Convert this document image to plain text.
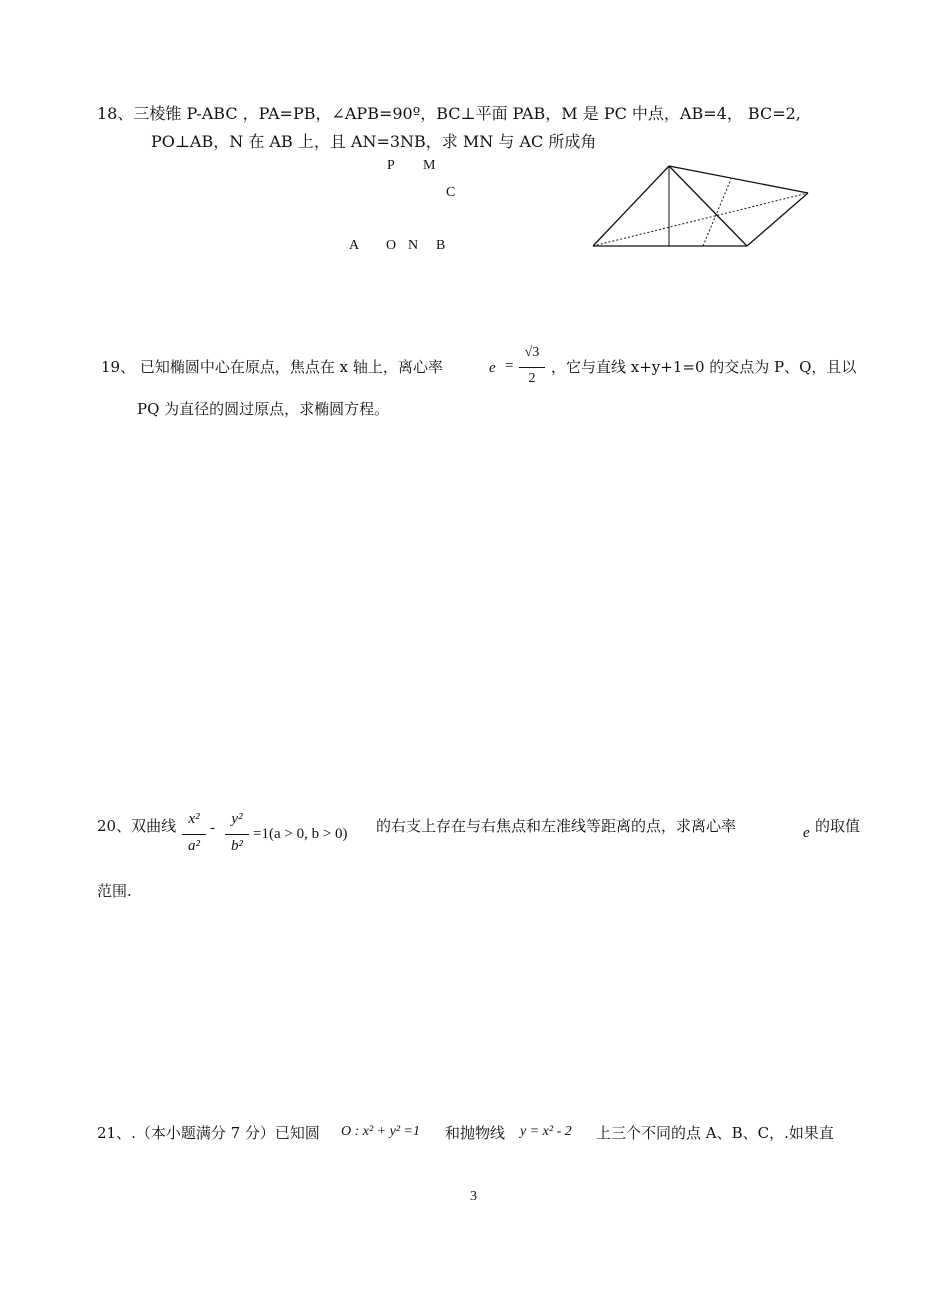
18、三棱锥 P-ABC ，PA=PB，∠APB=90º，BC⊥平面 PAB，M 是 PC 中点，AB=4， BC=2,
PO⊥AB，N 在 AB 上，且 AN=3NB，求 MN 与 AC 所成角
P M
C
A O N B
19、 已知椭圆中心在原点，焦点在 x 轴上，离心率	e =
√3
2
，它与直线 x+y+1=0 的交点为 P、Q，且以
PQ 为直径的圆过原点，求椭圆方程。
20、双曲线 x²
a²
-
y²
b²
=1(a > 0, b > 0) 的右支上存在与右焦点和左准线等距离的点，求离心率	e 的取值
范围.
21、.（本小题满分 7 分）已知圆 O : x² + y² =1 和抛物线 y = x² - 2 上三个不同的点 A、B、C，.如果直
3
